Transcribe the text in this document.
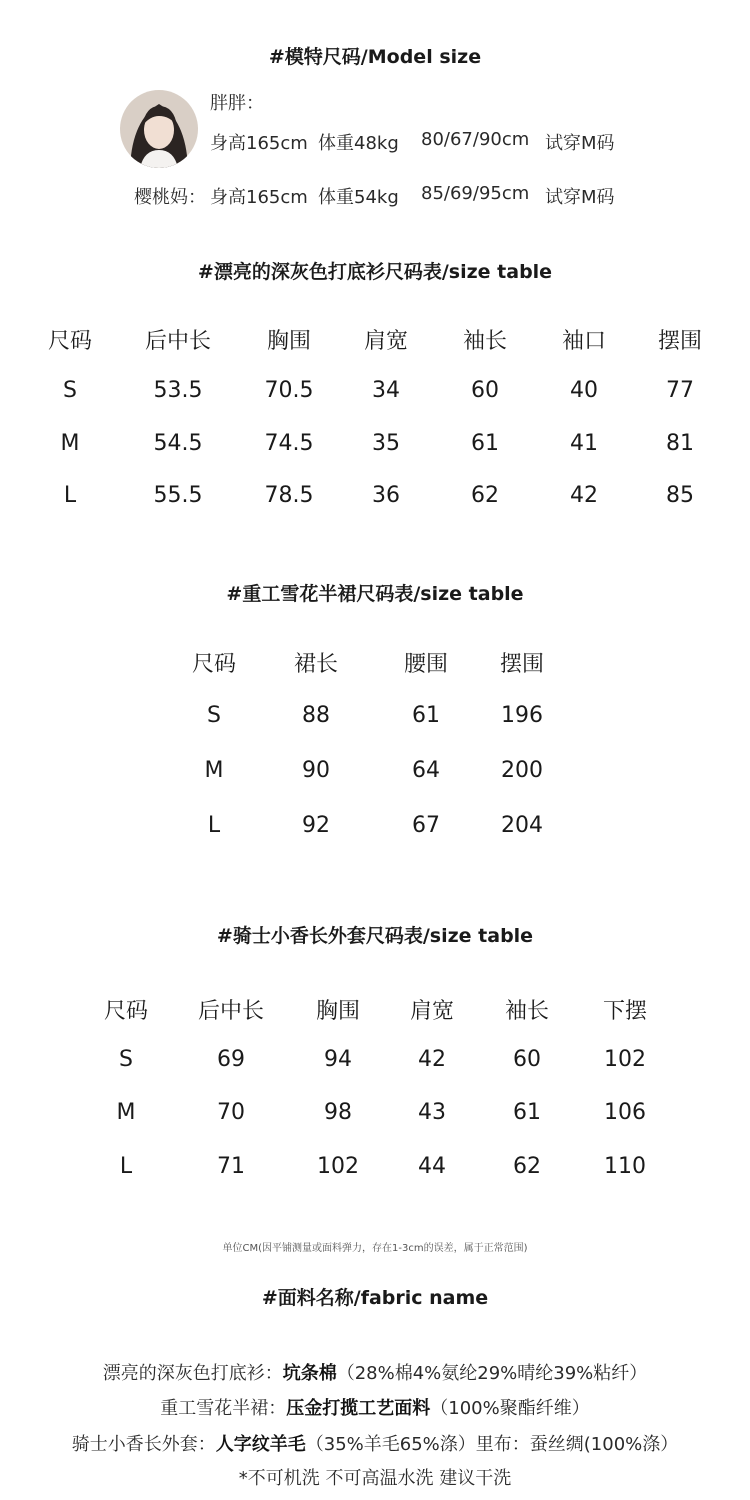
#模特尺码/Model size
胖胖：
身高165cm 体重48kg 80/67/90cm 试穿M码
樱桃妈： 身高165cm 体重54kg 85/69/95cm 试穿M码
#漂亮的深灰色打底衫尺码表/size table
尺码	后中长	胸围	肩宽	袖长	袖口	摆围
S	53.5	70.5	34	60	40	77
M	54.5	74.5	35	61	41	81
L	55.5	78.5	36	62	42	85
#重工雪花半裙尺码表/size table
尺码	裙长	腰围	摆围
S	88	61	196
M	90	64	200
L	92	67	204
#骑士小香长外套尺码表/size table
尺码	后中长	胸围	肩宽	袖长	下摆
S	69	94	42	60	102
M	70	98	43	61	106
L	71	102	44	62	110
单位CM(因平铺测量或面料弹力，存在1-3cm的误差，属于正常范围)
#面料名称/fabric name
漂亮的深灰色打底衫：坑条棉（28%棉4%氨纶29%晴纶39%粘纤）
重工雪花半裙：压金打揽工艺面料（100%聚酯纤维）
骑士小香长外套：人字纹羊毛（35%羊毛65%涤）里布：蚕丝绸(100%涤）
*不可机洗 不可高温水洗 建议干洗
